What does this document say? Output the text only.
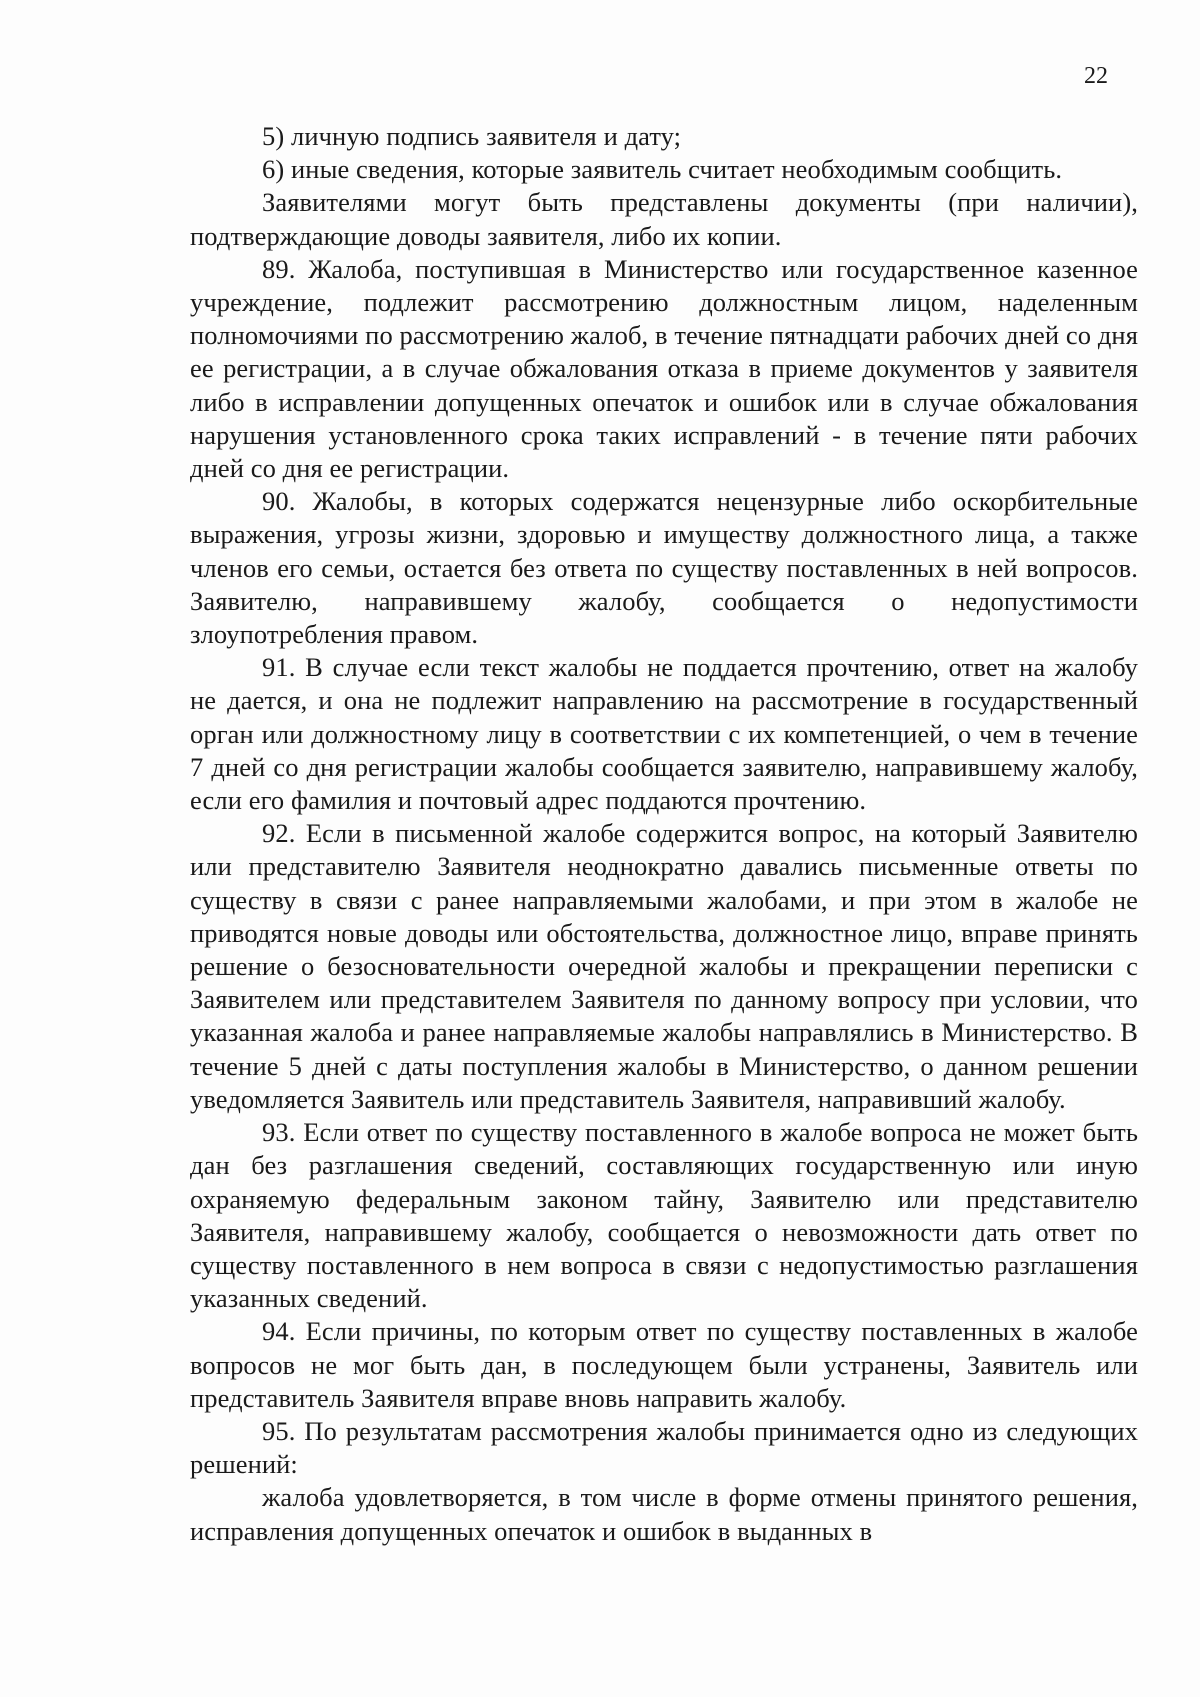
22

5) личную подпись заявителя и дату;

6) иные сведения, которые заявитель считает необходимым сообщить.

Заявителями могут быть представлены документы (при наличии), подтверждающие доводы заявителя, либо их копии.

89. Жалоба, поступившая в Министерство или государственное казенное учреждение, подлежит рассмотрению должностным лицом, наделенным полномочиями по рассмотрению жалоб, в течение пятнадцати рабочих дней со дня ее регистрации, а в случае обжалования отказа в приеме документов у заявителя либо в исправлении допущенных опечаток и ошибок или в случае обжалования нарушения установленного срока таких исправлений - в течение пяти рабочих дней со дня ее регистрации.

90. Жалобы, в которых содержатся нецензурные либо оскорбительные выражения, угрозы жизни, здоровью и имуществу должностного лица, а также членов его семьи, остается без ответа по существу поставленных в ней вопросов. Заявителю, направившему жалобу, сообщается о недопустимости злоупотребления правом.

91. В случае если текст жалобы не поддается прочтению, ответ на жалобу не дается, и она не подлежит направлению на рассмотрение в государственный орган или должностному лицу в соответствии с их компетенцией, о чем в течение 7 дней со дня регистрации жалобы сообщается заявителю, направившему жалобу, если его фамилия и почтовый адрес поддаются прочтению.

92. Если в письменной жалобе содержится вопрос, на который Заявителю или представителю Заявителя неоднократно давались письменные ответы по существу в связи с ранее направляемыми жалобами, и при этом в жалобе не приводятся новые доводы или обстоятельства, должностное лицо, вправе принять решение о безосновательности очередной жалобы и прекращении переписки с Заявителем или представителем Заявителя по данному вопросу при условии, что указанная жалоба и ранее направляемые жалобы направлялись в Министерство. В течение 5 дней с даты поступления жалобы в Министерство, о данном решении уведомляется Заявитель или представитель Заявителя, направивший жалобу.

93. Если ответ по существу поставленного в жалобе вопроса не может быть дан без разглашения сведений, составляющих государственную или иную охраняемую федеральным законом тайну, Заявителю или представителю Заявителя, направившему жалобу, сообщается о невозможности дать ответ по существу поставленного в нем вопроса в связи с недопустимостью разглашения указанных сведений.

94. Если причины, по которым ответ по существу поставленных в жалобе вопросов не мог быть дан, в последующем были устранены, Заявитель или представитель Заявителя вправе вновь направить жалобу.

95. По результатам рассмотрения жалобы принимается одно из следующих решений:

жалоба удовлетворяется, в том числе в форме отмены принятого решения, исправления допущенных опечаток и ошибок в выданных в
